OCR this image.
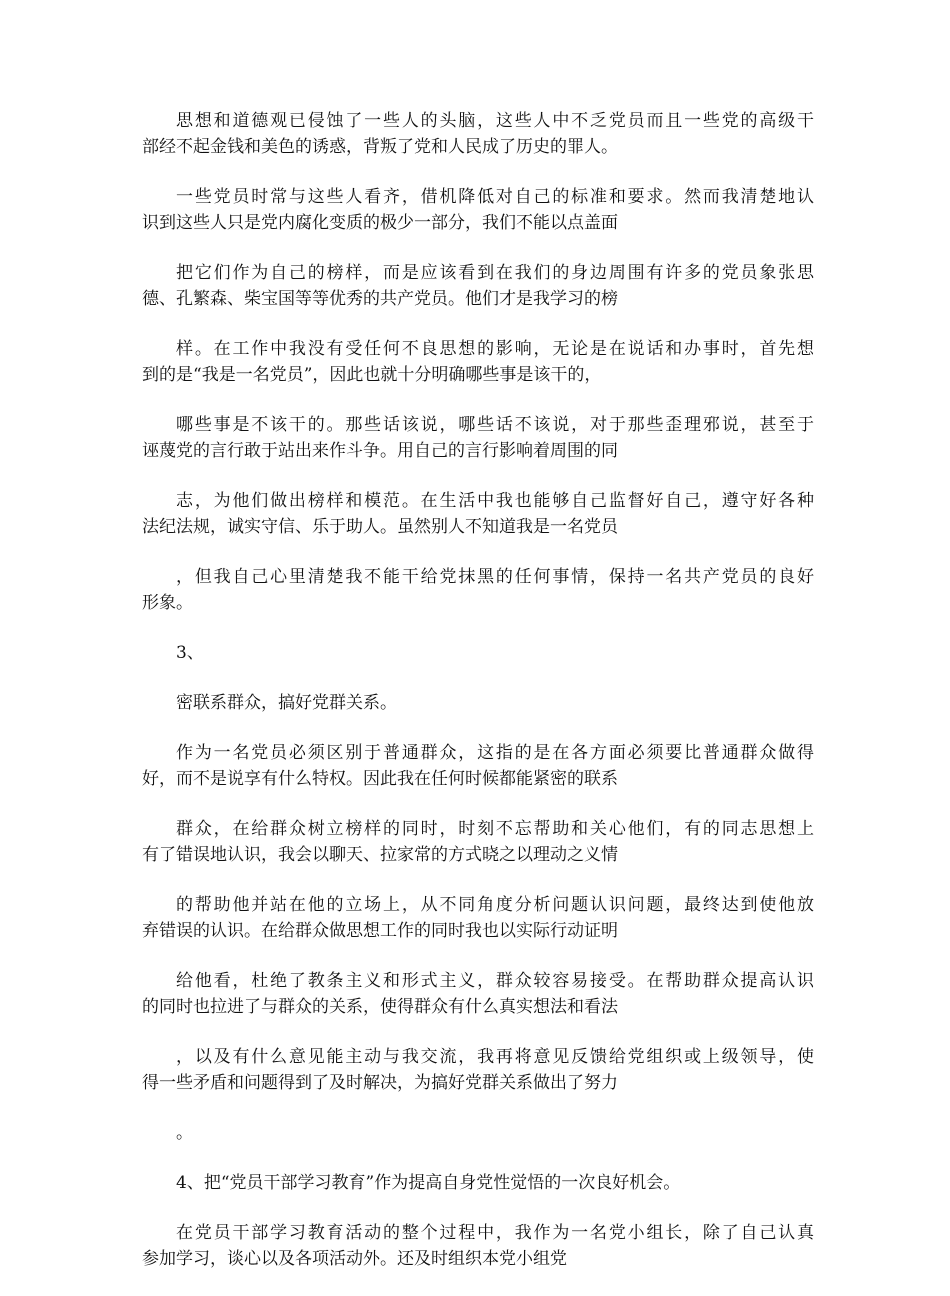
思想和道德观已侵蚀了一些人的头脑，这些人中不乏党员而且一些党的高级干
部经不起金钱和美色的诱惑，背叛了党和人民成了历史的罪人。
一些党员时常与这些人看齐，借机降低对自己的标准和要求。然而我清楚地认
识到这些人只是党内腐化变质的极少一部分，我们不能以点盖面
把它们作为自己的榜样，而是应该看到在我们的身边周围有许多的党员象张思
德、孔繁森、柴宝国等等优秀的共产党员。他们才是我学习的榜
样。在工作中我没有受任何不良思想的影响，无论是在说话和办事时，首先想
到的是“我是一名党员”，因此也就十分明确哪些事是该干的，
哪些事是不该干的。那些话该说，哪些话不该说，对于那些歪理邪说，甚至于
诬蔑党的言行敢于站出来作斗争。用自己的言行影响着周围的同
志，为他们做出榜样和模范。在生活中我也能够自己监督好自己，遵守好各种
法纪法规，诚实守信、乐于助人。虽然别人不知道我是一名党员
，但我自己心里清楚我不能干给党抹黑的任何事情，保持一名共产党员的良好
形象。
3、
密联系群众，搞好党群关系。
作为一名党员必须区别于普通群众，这指的是在各方面必须要比普通群众做得
好，而不是说享有什么特权。因此我在任何时候都能紧密的联系
群众，在给群众树立榜样的同时，时刻不忘帮助和关心他们，有的同志思想上
有了错误地认识，我会以聊天、拉家常的方式晓之以理动之义情
的帮助他并站在他的立场上，从不同角度分析问题认识问题，最终达到使他放
弃错误的认识。在给群众做思想工作的同时我也以实际行动证明
给他看，杜绝了教条主义和形式主义，群众较容易接受。在帮助群众提高认识
的同时也拉进了与群众的关系，使得群众有什么真实想法和看法
，以及有什么意见能主动与我交流，我再将意见反馈给党组织或上级领导，使
得一些矛盾和问题得到了及时解决，为搞好党群关系做出了努力
。
4、把“党员干部学习教育”作为提高自身党性觉悟的一次良好机会。
在党员干部学习教育活动的整个过程中，我作为一名党小组长，除了自己认真
参加学习，谈心以及各项活动外。还及时组织本党小组党
